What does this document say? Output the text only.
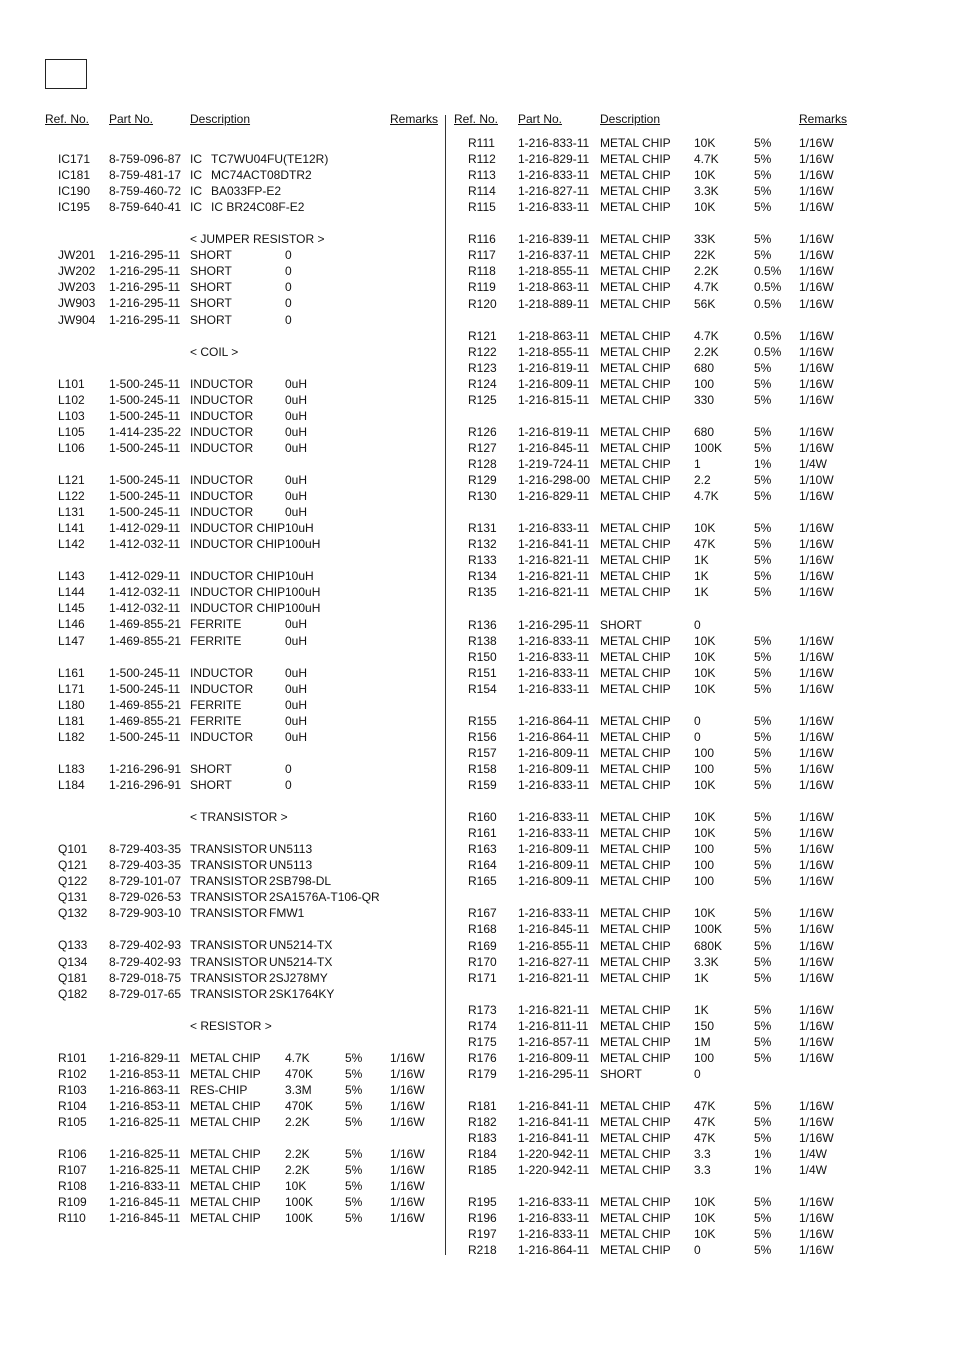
Ref. No. Part No.	Description	Remarks Ref. No. Part No.	Description	Remarks
IC171 8-759-096-87 IC TC7WU04FU(TE12R)
IC181 8-759-481-17 IC MC74ACT08DTR2
IC190 8-759-460-72 IC BA033FP-E2
IC195 8-759-640-41 IC IC BR24C08F-E2
< JUMPER RESISTOR >
JW201 1-216-295-11 SHORT	0
JW202 1-216-295-11 SHORT	0
JW203 1-216-295-11 SHORT	0
JW903 1-216-295-11 SHORT	0
JW904 1-216-295-11 SHORT	0
< COIL >
L101 1-500-245-11 INDUCTOR	0uH
L102 1-500-245-11 INDUCTOR	0uH
L103 1-500-245-11 INDUCTOR	0uH
L105 1-414-235-22 INDUCTOR	0uH
L106 1-500-245-11 INDUCTOR	0uH
L121 1-500-245-11 INDUCTOR	0uH
L122 1-500-245-11 INDUCTOR	0uH
L131 1-500-245-11 INDUCTOR	0uH
L141 1-412-029-11 INDUCTOR CHIP 10uH
L142 1-412-032-11 INDUCTOR CHIP 100uH
L143 1-412-029-11 INDUCTOR CHIP 10uH
L144 1-412-032-11 INDUCTOR CHIP 100uH
L145 1-412-032-11 INDUCTOR CHIP 100uH
L146 1-469-855-21 FERRITE	0uH
L147 1-469-855-21 FERRITE	0uH
L161 1-500-245-11 INDUCTOR	0uH
L171 1-500-245-11 INDUCTOR	0uH
L180 1-469-855-21 FERRITE	0uH
L181 1-469-855-21 FERRITE	0uH
L182 1-500-245-11 INDUCTOR	0uH
L183 1-216-296-91 SHORT	0
L184 1-216-296-91 SHORT	0
< TRANSISTOR >
Q101 8-729-403-35 TRANSISTOR UN5113
Q121 8-729-403-35 TRANSISTOR UN5113
Q122 8-729-101-07 TRANSISTOR 2SB798-DL
Q131 8-729-026-53 TRANSISTOR 2SA1576A-T106-QR
Q132 8-729-903-10 TRANSISTOR FMW1
Q133 8-729-402-93 TRANSISTOR UN5214-TX
Q134 8-729-402-93 TRANSISTOR UN5214-TX
Q181 8-729-018-75 TRANSISTOR 2SJ278MY
Q182 8-729-017-65 TRANSISTOR 2SK1764KY
< RESISTOR >
R101 1-216-829-11 METAL CHIP 4.7K	5% 1/16W
R102 1-216-853-11 METAL CHIP 470K	5% 1/16W
R103 1-216-863-11 RES-CHIP	3.3M	5% 1/16W
R104 1-216-853-11 METAL CHIP 470K	5% 1/16W
R105 1-216-825-11 METAL CHIP 2.2K	5% 1/16W
R106 1-216-825-11 METAL CHIP 2.2K	5% 1/16W
R107 1-216-825-11 METAL CHIP 2.2K	5% 1/16W
R108 1-216-833-11 METAL CHIP 10K	5% 1/16W
R109 1-216-845-11 METAL CHIP 100K	5% 1/16W
R110 1-216-845-11 METAL CHIP 100K	5% 1/16W
R111 1-216-833-11 METAL CHIP 10K	5% 1/16W
R112 1-216-829-11 METAL CHIP 4.7K	5% 1/16W
R113 1-216-833-11 METAL CHIP 10K	5% 1/16W
R114 1-216-827-11 METAL CHIP 3.3K	5% 1/16W
R115 1-216-833-11 METAL CHIP 10K	5% 1/16W
R116 1-216-839-11 METAL CHIP 33K	5% 1/16W
R117 1-216-837-11 METAL CHIP 22K	5% 1/16W
R118 1-218-855-11 METAL CHIP 2.2K	0.5% 1/16W
R119 1-218-863-11 METAL CHIP 4.7K	0.5% 1/16W
R120 1-218-889-11 METAL CHIP 56K	0.5% 1/16W
R121 1-218-863-11 METAL CHIP 4.7K	0.5% 1/16W
R122 1-218-855-11 METAL CHIP 2.2K	0.5% 1/16W
R123 1-216-819-11 METAL CHIP 680	5% 1/16W
R124 1-216-809-11 METAL CHIP 100	5% 1/16W
R125 1-216-815-11 METAL CHIP 330	5% 1/16W
R126 1-216-819-11 METAL CHIP 680	5% 1/16W
R127 1-216-845-11 METAL CHIP 100K	5% 1/16W
R128 1-219-724-11 METAL CHIP 1	1% 1/4W
R129 1-216-298-00 METAL CHIP 2.2	5% 1/10W
R130 1-216-829-11 METAL CHIP 4.7K	5% 1/16W
R131 1-216-833-11 METAL CHIP 10K	5% 1/16W
R132 1-216-841-11 METAL CHIP 47K	5% 1/16W
R133 1-216-821-11 METAL CHIP 1K	5% 1/16W
R134 1-216-821-11 METAL CHIP 1K	5% 1/16W
R135 1-216-821-11 METAL CHIP 1K	5% 1/16W
R136 1-216-295-11 SHORT	0
R138 1-216-833-11 METAL CHIP 10K	5% 1/16W
R150 1-216-833-11 METAL CHIP 10K	5% 1/16W
R151 1-216-833-11 METAL CHIP 10K	5% 1/16W
R154 1-216-833-11 METAL CHIP 10K	5% 1/16W
R155 1-216-864-11 METAL CHIP 0	5% 1/16W
R156 1-216-864-11 METAL CHIP 0	5% 1/16W
R157 1-216-809-11 METAL CHIP 100	5% 1/16W
R158 1-216-809-11 METAL CHIP 100	5% 1/16W
R159 1-216-833-11 METAL CHIP 10K	5% 1/16W
R160 1-216-833-11 METAL CHIP 10K	5% 1/16W
R161 1-216-833-11 METAL CHIP 10K	5% 1/16W
R163 1-216-809-11 METAL CHIP 100	5% 1/16W
R164 1-216-809-11 METAL CHIP 100	5% 1/16W
R165 1-216-809-11 METAL CHIP 100	5% 1/16W
R167 1-216-833-11 METAL CHIP 10K	5% 1/16W
R168 1-216-845-11 METAL CHIP 100K	5% 1/16W
R169 1-216-855-11 METAL CHIP 680K	5% 1/16W
R170 1-216-827-11 METAL CHIP 3.3K	5% 1/16W
R171 1-216-821-11 METAL CHIP 1K	5% 1/16W
R173 1-216-821-11 METAL CHIP 1K	5% 1/16W
R174 1-216-811-11 METAL CHIP 150	5% 1/16W
R175 1-216-857-11 METAL CHIP 1M	5% 1/16W
R176 1-216-809-11 METAL CHIP 100	5% 1/16W
R179 1-216-295-11 SHORT	0
R181 1-216-841-11 METAL CHIP 47K	5% 1/16W
R182 1-216-841-11 METAL CHIP 47K	5% 1/16W
R183 1-216-841-11 METAL CHIP 47K	5% 1/16W
R184 1-220-942-11 METAL CHIP 3.3	1% 1/4W
R185 1-220-942-11 METAL CHIP 3.3	1% 1/4W
R195 1-216-833-11 METAL CHIP 10K	5% 1/16W
R196 1-216-833-11 METAL CHIP 10K	5% 1/16W
R197 1-216-833-11 METAL CHIP 10K	5% 1/16W
R218 1-216-864-11 METAL CHIP 0	5% 1/16W
